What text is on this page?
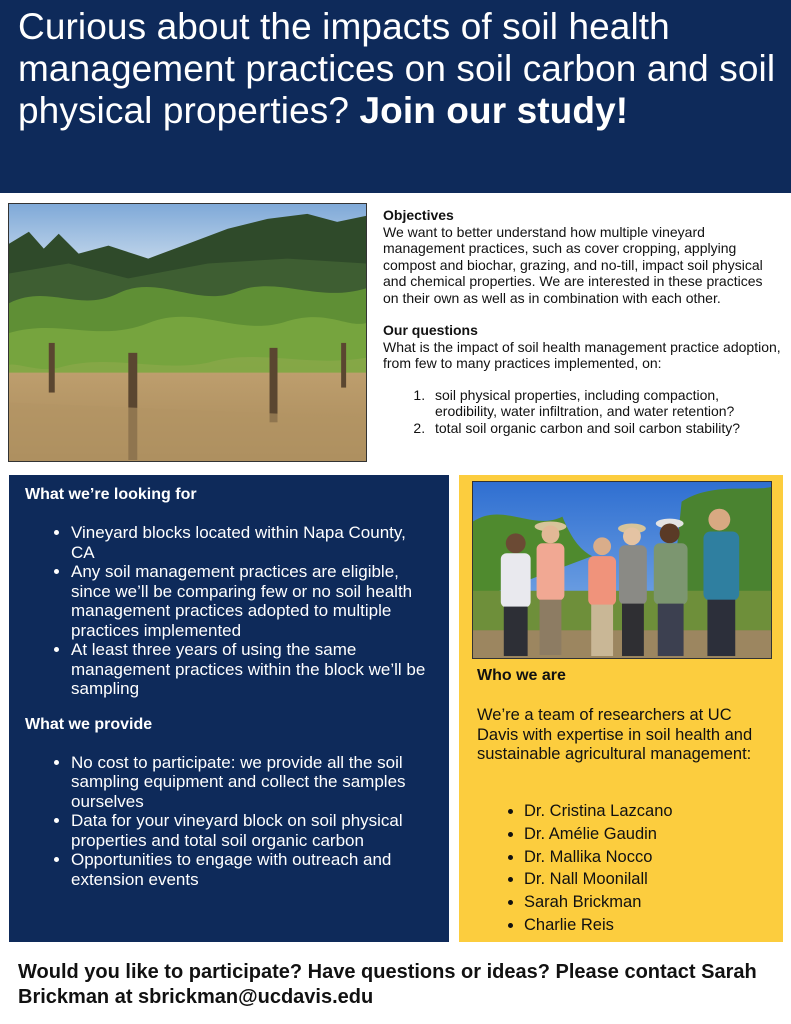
Curious about the impacts of soil health management practices on soil carbon and soil physical properties? Join our study!
Objectives

We want to better understand how multiple vineyard management practices, such as cover cropping, applying compost and biochar, grazing, and no-till, impact soil physical and chemical properties. We are interested in these practices on their own as well as in combination with each other.

Our questions
What is the impact of soil health management practice adoption, from few to many practices implemented, on:
1. soil physical properties, including compaction, erodibility, water infiltration, and water retention?
2. total soil organic carbon and soil carbon stability?
What we’re looking for
• Vineyard blocks located within Napa County, CA
• Any soil management practices are eligible, since we’ll be comparing few or no soil health management practices adopted to multiple practices implemented
• At least three years of using the same management practices within the block we’ll be sampling
What we provide
• No cost to participate: we provide all the soil sampling equipment and collect the samples ourselves
• Data for your vineyard block on soil physical properties and total soil organic carbon
• Opportunities to engage with outreach and extension events
Who we are

We’re a team of researchers at UC Davis with expertise in soil health and sustainable agricultural management:

• Dr. Cristina Lazcano
• Dr. Amélie Gaudin
• Dr. Mallika Nocco
• Dr. Nall Moonilall
• Sarah Brickman
• Charlie Reis

Would you like to participate? Have questions or ideas? Please contact Sarah Brickman at sbrickman@ucdavis.edu
